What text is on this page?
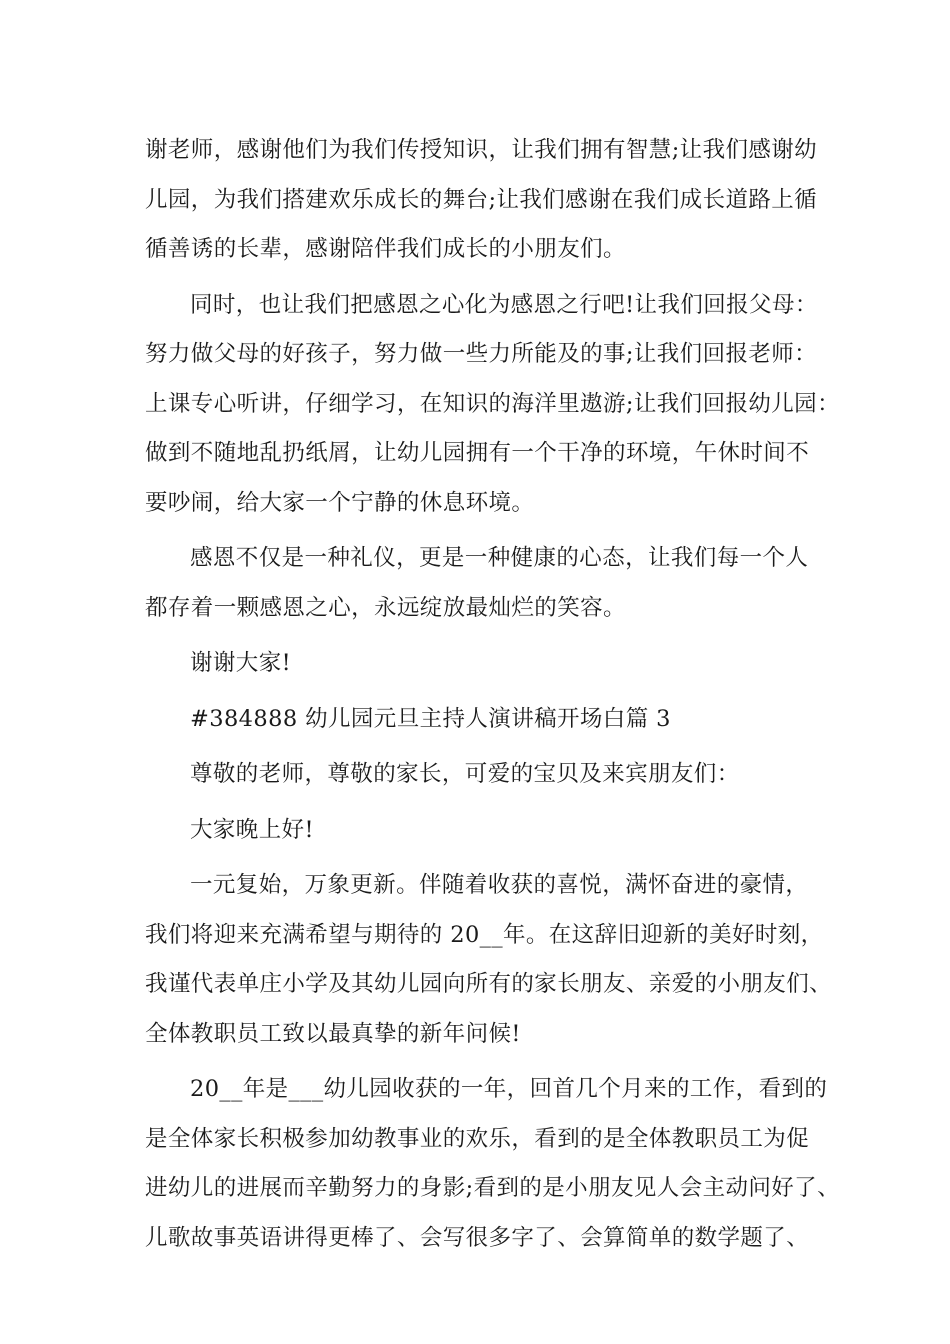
谢老师，感谢他们为我们传授知识，让我们拥有智慧;让我们感谢幼
儿园，为我们搭建欢乐成长的舞台;让我们感谢在我们成长道路上循
循善诱的长辈，感谢陪伴我们成长的小朋友们。
同时，也让我们把感恩之心化为感恩之行吧!让我们回报父母：
努力做父母的好孩子，努力做一些力所能及的事;让我们回报老师：
上课专心听讲，仔细学习，在知识的海洋里遨游;让我们回报幼儿园：
做到不随地乱扔纸屑，让幼儿园拥有一个干净的环境，午休时间不
要吵闹，给大家一个宁静的休息环境。
感恩不仅是一种礼仪，更是一种健康的心态，让我们每一个人
都存着一颗感恩之心，永远绽放最灿烂的笑容。
谢谢大家!
#384888 幼儿园元旦主持人演讲稿开场白篇 3
尊敬的老师，尊敬的家长，可爱的宝贝及来宾朋友们：
大家晚上好!
一元复始，万象更新。伴随着收获的喜悦，满怀奋进的豪情，
我们将迎来充满希望与期待的 20__年。在这辞旧迎新的美好时刻，
我谨代表单庄小学及其幼儿园向所有的家长朋友、亲爱的小朋友们、
全体教职员工致以最真挚的新年问候!
20__年是___幼儿园收获的一年，回首几个月来的工作，看到的
是全体家长积极参加幼教事业的欢乐，看到的是全体教职员工为促
进幼儿的进展而辛勤努力的身影;看到的是小朋友见人会主动问好了、
儿歌故事英语讲得更棒了、会写很多字了、会算简单的数学题了、
